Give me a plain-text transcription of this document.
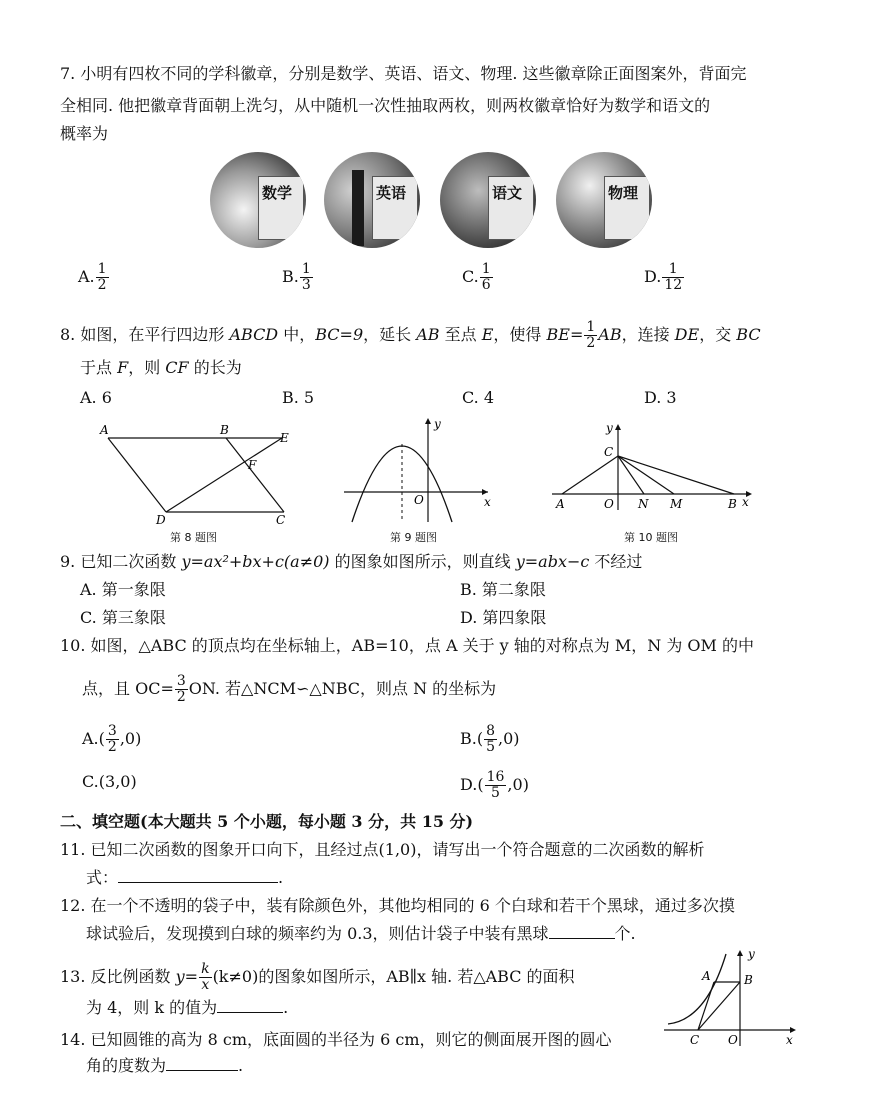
7. 小明有四枚不同的学科徽章，分别是数学、英语、语文、物理. 这些徽章除正面图案外，背面完
全相同. 他把徽章背面朝上洗匀，从中随机一次性抽取两枚，则两枚徽章恰好为数学和语文的
概率为
数学	英语	语文	物理
A. $\frac{1}{2}$	B. $\frac{1}{3}$	C. $\frac{1}{6}$	D. $\frac{1}{12}$
8. 如图，在平行四边形 ABCD 中，BC=9，延长 AB 至点 E，使得 $BE= \frac{1}{2}$ AB，连接 DE，交 BC
于点 F，则 CF 的长为
A. 6	B. 5	C. 4	D. 3
A	B
E
F
D	C
第 8 题图
y
O	x
第 9 题图
y
C
A	O N M	B x
第 10 题图
9. 已知二次函数 y=ax²+bx+c(a≠0) 的图象如图所示，则直线 y=abx−c 不经过
A. 第一象限	B. 第二象限
C. 第三象限	D. 第四象限
10. 如图，△ABC 的顶点均在坐标轴上，AB=10，点 A 关于 y 轴的对称点为 M，N 为 OM 的中
点，且 $OC= \frac{3}{2}$ ON. 若△NCM∽△NBC，则点 N 的坐标为
$A.( \frac{3}{2} ,0)$	$B.( \frac{8}{5} ,0)$
C.(3,0)	$D.( \frac{16}{5} ,0)$
二、填空题(本大题共 5 个小题，每小题 3 分，共 15 分)
11. 已知二次函数的图象开口向下，且经过点(1,0)，请写出一个符合题意的二次函数的解析
式：	.
12. 在一个不透明的袋子中，装有除颜色外，其他均相同的 6 个白球和若干个黑球，通过多次摸
球试验后，发现摸到白球的频率约为 0.3，则估计袋子中装有黑球	个.
13. 反比例函数 $y= \frac{k}{x} (k\ne 0)$的图象如图所示，AB∥x 轴. 若△ABC 的面积
为 4，则 k 的值为	.
y
A	B
C O	x
14. 已知圆锥的高为 8 cm，底面圆的半径为 6 cm，则它的侧面展开图的圆心
角的度数为	.
